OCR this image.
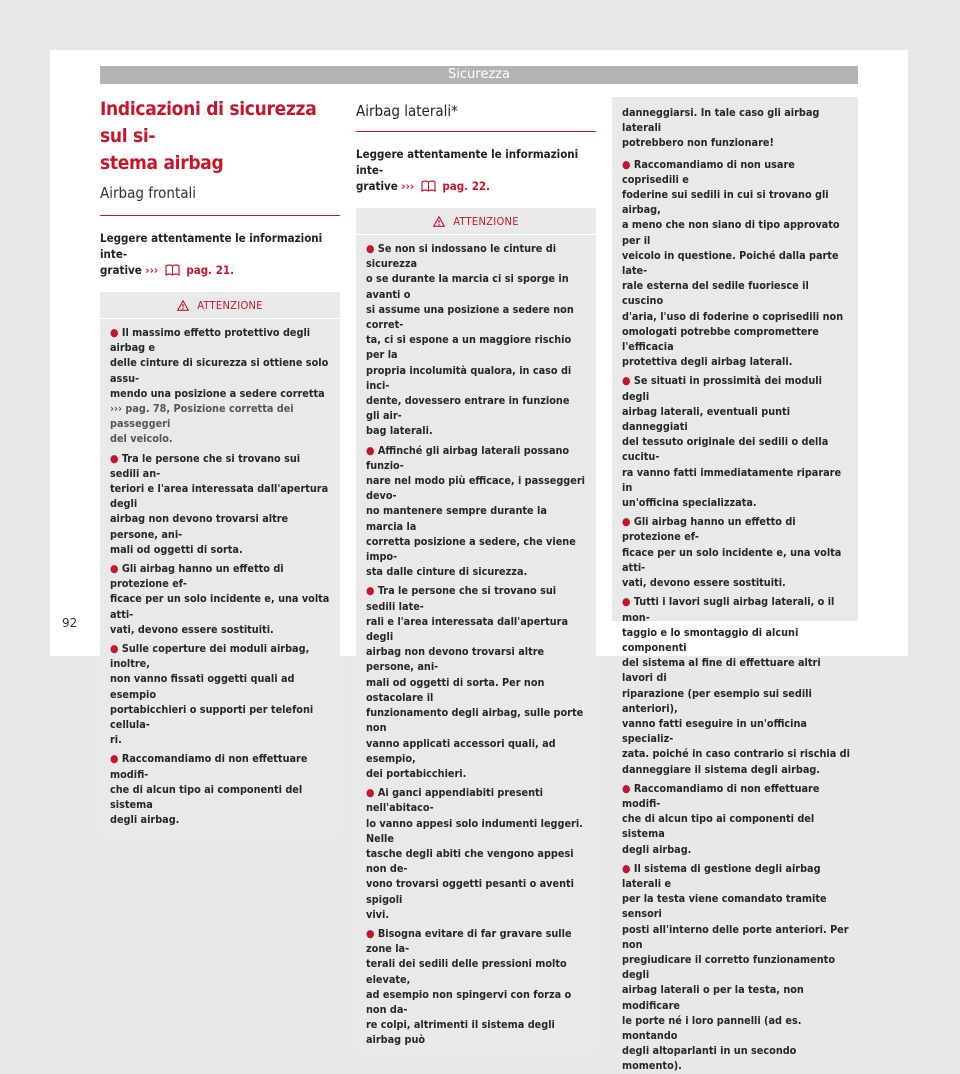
Sicurezza
Indicazioni di sicurezza sul si-
stema airbag
Airbag frontali
Leggere attentamente le informazioni inte-
grative ››› pag. 21.
ATTENZIONE
● Il massimo effetto protettivo degli airbag e
delle cinture di sicurezza si ottiene solo assu-
mendo una posizione a sedere corretta
››› pag. 78, Posizione corretta dei passeggeri
del veicolo.
● Tra le persone che si trovano sui sedili an-
teriori e l'area interessata dall'apertura degli
airbag non devono trovarsi altre persone, ani-
mali od oggetti di sorta.
● Gli airbag hanno un effetto di protezione ef-
ficace per un solo incidente e, una volta atti-
vati, devono essere sostituiti.
● Sulle coperture dei moduli airbag, inoltre,
non vanno fissati oggetti quali ad esempio
portabicchieri o supporti per telefoni cellula-
ri.
● Raccomandiamo di non effettuare modifi-
che di alcun tipo ai componenti del sistema
degli airbag.
Airbag laterali*
Leggere attentamente le informazioni inte-
grative ››› pag. 22.
ATTENZIONE
● Se non si indossano le cinture di sicurezza
o se durante la marcia ci si sporge in avanti o
si assume una posizione a sedere non corret-
ta, ci si espone a un maggiore rischio per la
propria incolumità qualora, in caso di inci-
dente, dovessero entrare in funzione gli air-
bag laterali.
● Affinché gli airbag laterali possano funzio-
nare nel modo più efficace, i passeggeri devo-
no mantenere sempre durante la marcia la
corretta posizione a sedere, che viene impo-
sta dalle cinture di sicurezza.
● Tra le persone che si trovano sui sedili late-
rali e l'area interessata dall'apertura degli
airbag non devono trovarsi altre persone, ani-
mali od oggetti di sorta. Per non ostacolare il
funzionamento degli airbag, sulle porte non
vanno applicati accessori quali, ad esempio,
dei portabicchieri.
● Ai ganci appendiabiti presenti nell'abitaco-
lo vanno appesi solo indumenti leggeri. Nelle
tasche degli abiti che vengono appesi non de-
vono trovarsi oggetti pesanti o aventi spigoli
vivi.
● Bisogna evitare di far gravare sulle zone la-
terali dei sedili delle pressioni molto elevate,
ad esempio non spingervi con forza o non da-
re colpi, altrimenti il sistema degli airbag può
danneggiarsi. In tale caso gli airbag laterali
potrebbero non funzionare!
● Raccomandiamo di non usare coprisedili e
foderine sui sedili in cui si trovano gli airbag,
a meno che non siano di tipo approvato per il
veicolo in questione. Poiché dalla parte late-
rale esterna del sedile fuoriesce il cuscino
d'aria, l'uso di foderine o coprisedili non
omologati potrebbe compromettere l'efficacia
protettiva degli airbag laterali.
● Se situati in prossimità dei moduli degli
airbag laterali, eventuali punti danneggiati
del tessuto originale dei sedili o della cucitu-
ra vanno fatti immediatamente riparare in
un'officina specializzata.
● Gli airbag hanno un effetto di protezione ef-
ficace per un solo incidente e, una volta atti-
vati, devono essere sostituiti.
● Tutti i lavori sugli airbag laterali, o il mon-
taggio e lo smontaggio di alcuni componenti
del sistema al fine di effettuare altri lavori di
riparazione (per esempio sui sedili anteriori),
vanno fatti eseguire in un'officina specializ-
zata. poiché in caso contrario si rischia di
danneggiare il sistema degli airbag.
● Raccomandiamo di non effettuare modifi-
che di alcun tipo ai componenti del sistema
degli airbag.
● Il sistema di gestione degli airbag laterali e
per la testa viene comandato tramite sensori
posti all'interno delle porte anteriori. Per non
pregiudicare il corretto funzionamento degli
airbag laterali o per la testa, non modificare
le porte né i loro pannelli (ad es. montando
degli altoparlanti in un secondo momento).
92
